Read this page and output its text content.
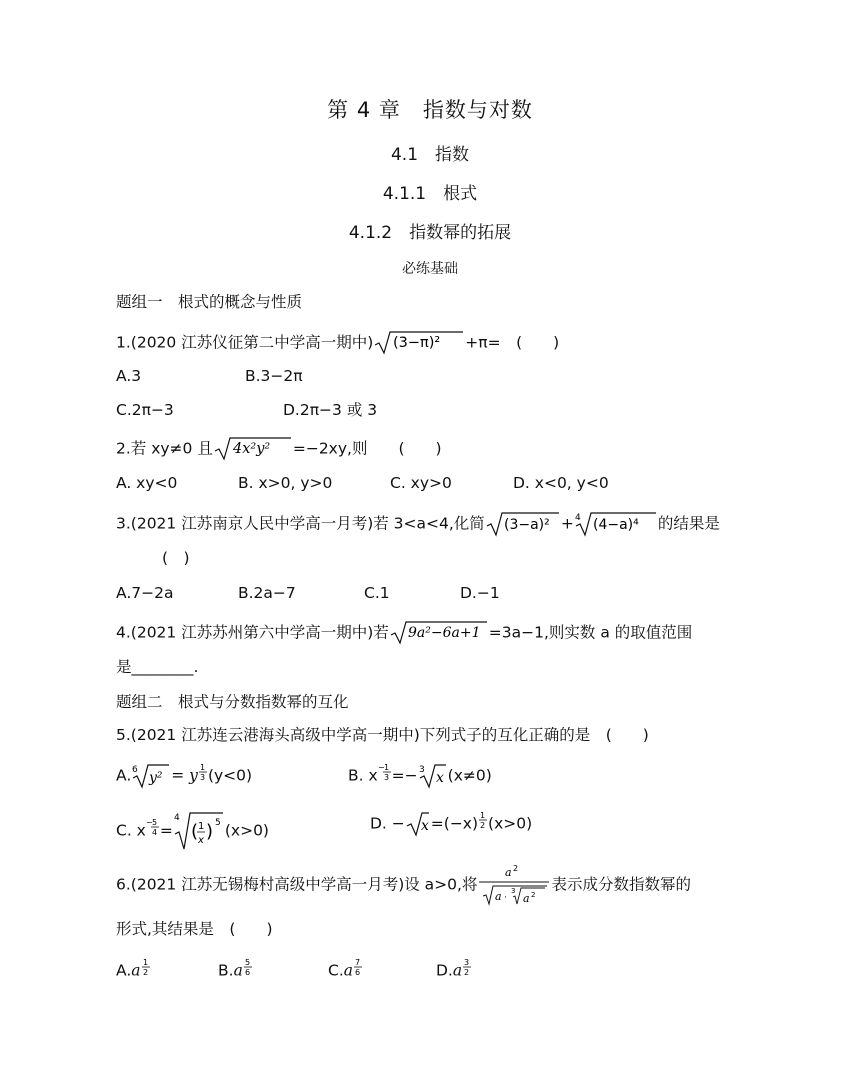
第 4 章　指数与对数
4.1　指数
4.1.1　根式
4.1.2　指数幂的拓展
必练基础
题组一　根式的概念与性质
1.(2020 江苏仪征第二中学高一期中) (3−π)² +π=　(　　)
A.3	B.3−2π
C.2π−3	D.2π−3 或 3
2.若 xy≠0 且 4x²y² =−2xy,则　　(　　)
A. xy<0	B. x>0, y>0	C. xy>0	D. x<0, y<0
3.(2021 江苏南京人民中学高一月考)若 3<a<4,化简 (3−a)² + 4 (4−a)⁴ 的结果是
(　)
A.7−2a	B.2a−7	C.1	D.−1
4.(2021 江苏苏州第六中学高一期中)若 9a²−6a+1 =3a−1,则实数 a 的取值范围
是________.
题组二　根式与分数指数幂的互化
5.(2021 江苏连云港海头高级中学高一期中)下列式子的互化正确的是　(　　)
A. 6 y² = y 1
3 (y<0)	B. x − 1
3 =− 3 x (x≠0)
C. x − 5
4 =
4
( 1
x ) 5 (x>0)	D. − x =(−x) 1
2 (x>0)
6.(2021 江苏无锡梅村高级中学高一月考)设 a>0,将
a 2
a ·
3
a 2
表示成分数指数幂的
形式,其结果是　(　　)
A.a 1
2	B.a 5
6	C.a 7
6	D.a 3
2
